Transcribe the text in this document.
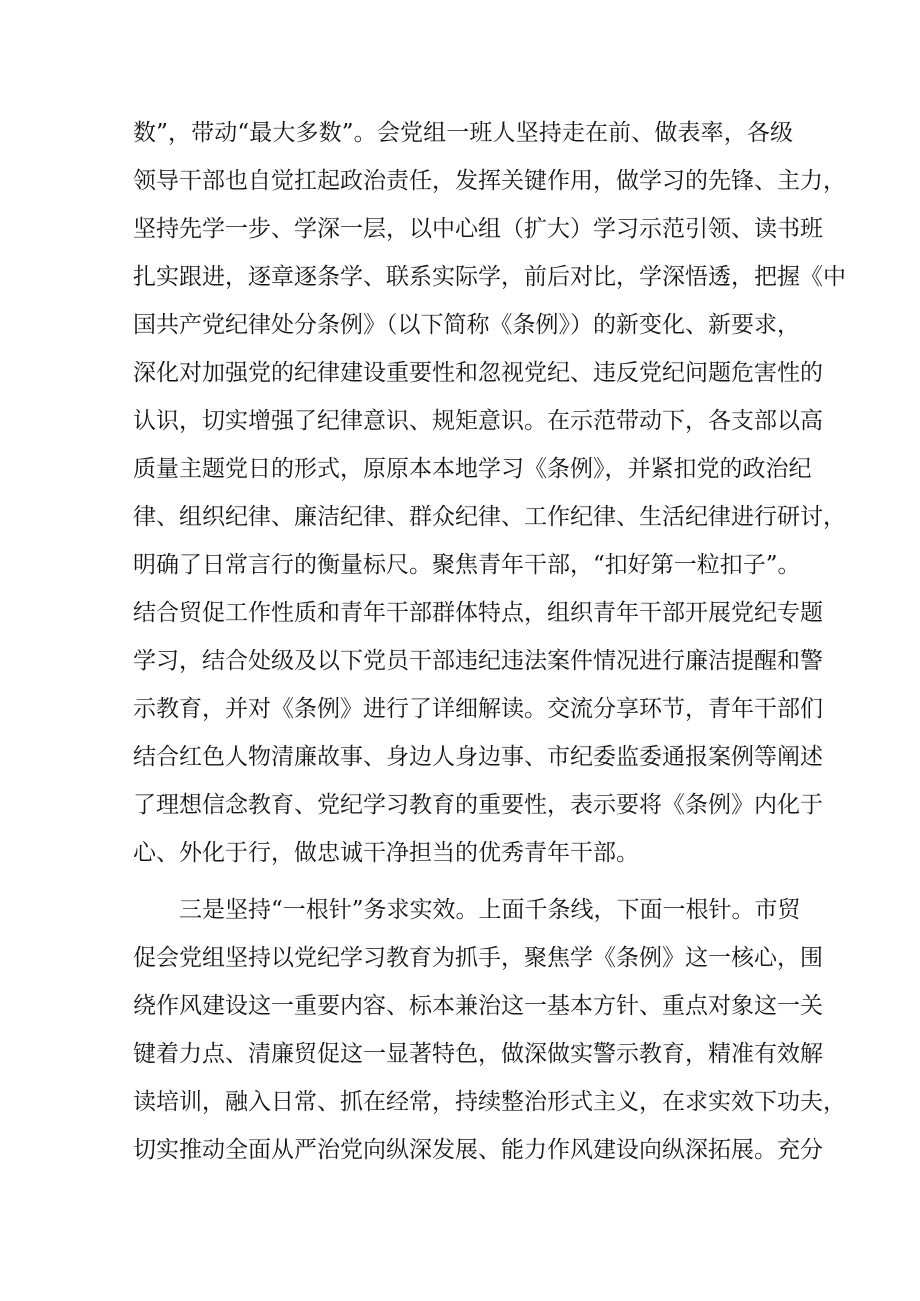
数”，带动“最大多数”。会党组一班人坚持走在前、做表率，各级
领导干部也自觉扛起政治责任，发挥关键作用，做学习的先锋、主力，
坚持先学一步、学深一层，以中心组（扩大）学习示范引领、读书班
扎实跟进，逐章逐条学、联系实际学，前后对比，学深悟透，把握《中
国共产党纪律处分条例》（以下简称《条例》）的新变化、新要求，
深化对加强党的纪律建设重要性和忽视党纪、违反党纪问题危害性的
认识，切实增强了纪律意识、规矩意识。在示范带动下，各支部以高
质量主题党日的形式，原原本本地学习《条例》，并紧扣党的政治纪
律、组织纪律、廉洁纪律、群众纪律、工作纪律、生活纪律进行研讨，
明确了日常言行的衡量标尺。聚焦青年干部，“扣好第一粒扣子”。
结合贸促工作性质和青年干部群体特点，组织青年干部开展党纪专题
学习，结合处级及以下党员干部违纪违法案件情况进行廉洁提醒和警
示教育，并对《条例》进行了详细解读。交流分享环节，青年干部们
结合红色人物清廉故事、身边人身边事、市纪委监委通报案例等阐述
了理想信念教育、党纪学习教育的重要性，表示要将《条例》内化于
心、外化于行，做忠诚干净担当的优秀青年干部。
三是坚持“一根针”务求实效。上面千条线，下面一根针。市贸
促会党组坚持以党纪学习教育为抓手，聚焦学《条例》这一核心，围
绕作风建设这一重要内容、标本兼治这一基本方针、重点对象这一关
键着力点、清廉贸促这一显著特色，做深做实警示教育，精准有效解
读培训，融入日常、抓在经常，持续整治形式主义，在求实效下功夫，
切实推动全面从严治党向纵深发展、能力作风建设向纵深拓展。充分
